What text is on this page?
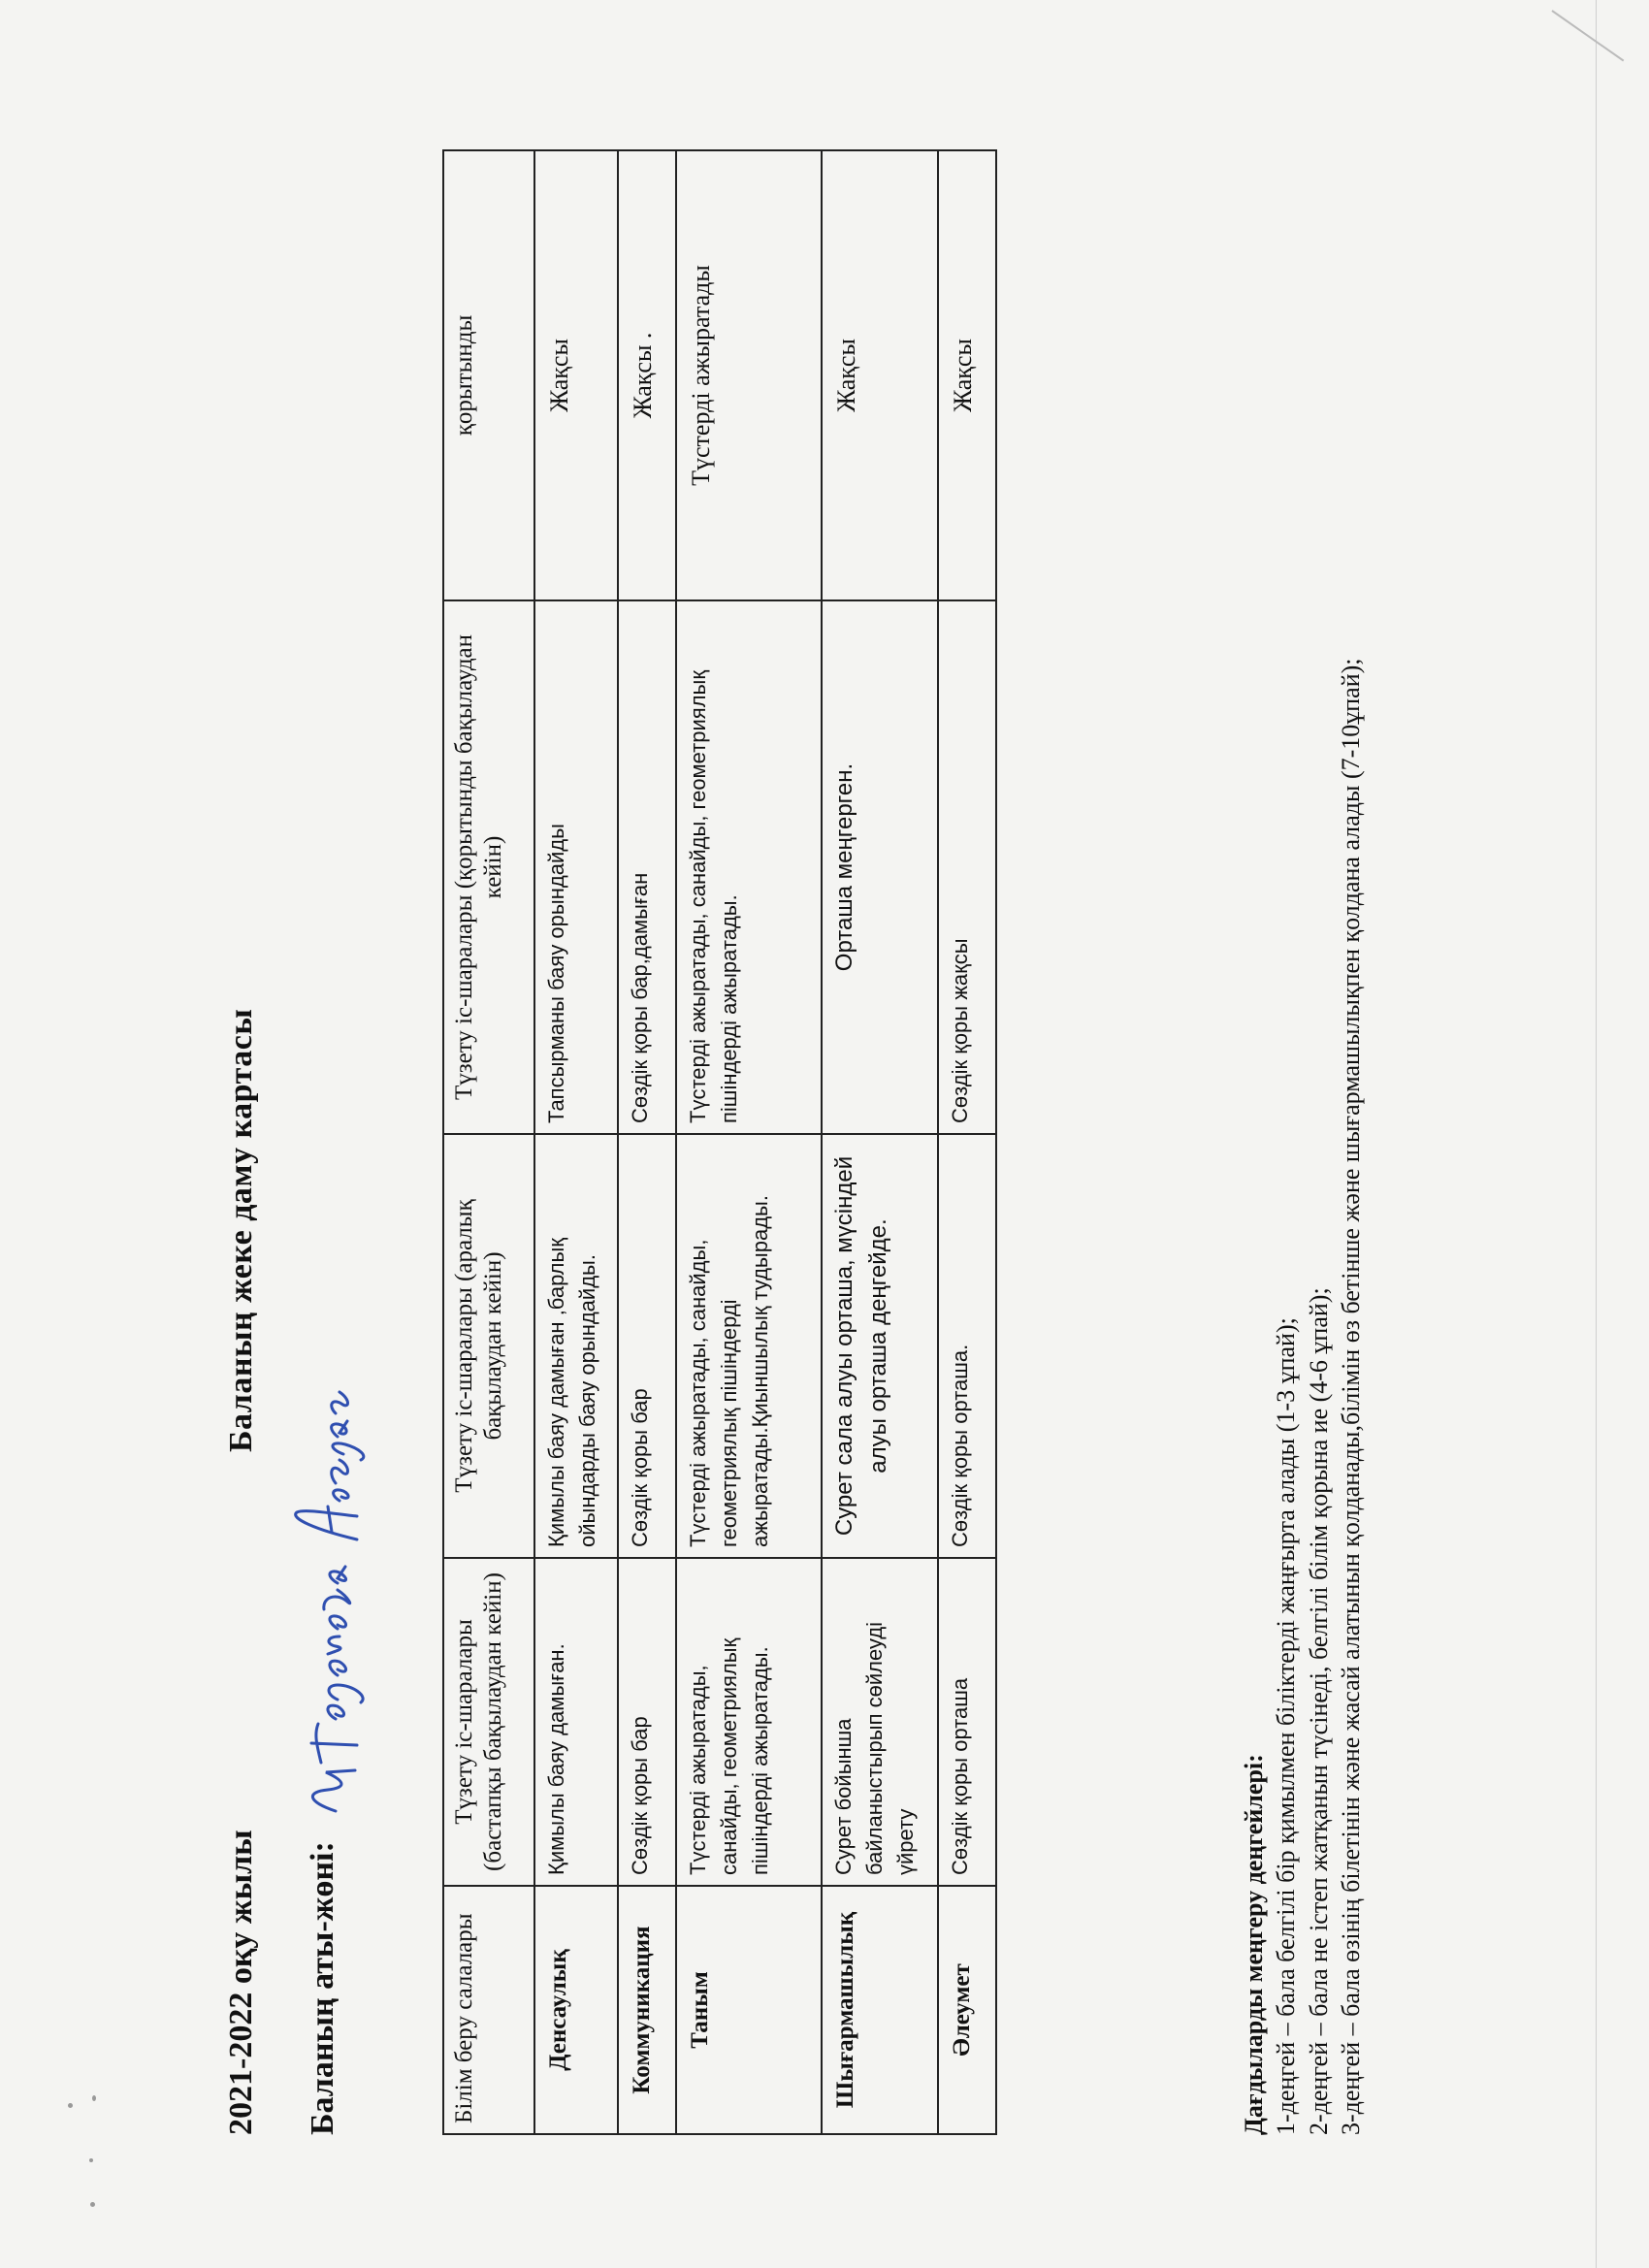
2021-2022 оқу жылы
Баланың жеке даму картасы
Баланың аты-жөні:	Білім беру салалары	Түзету іс-шаралары (бастапқы бақылаудан кейін)	Түзету іс-шаралары (аралық бақылаудан кейін)	Түзету іс-шаралары (қорытынды бақылаудан кейін)	қорытынды
Денсаулық	Қимылы баяу дамыған.	Қимылы баяу дамыған ,барлық ойындарды баяу орындайды.	Тапсырманы баяу орындайды	Жақсы
Коммуникация	Сөздік қоры бар	Сөздік қоры бар	Сөздік қоры бар,дамыған	Жақсы .
Таным	Түстерді ажыратады, санайды, геометриялық пішіндерді ажыратады.	Түстерді ажыратады, санайды, геометриялық пішіндерді ажыратады.Қиыншылық тудырады.	Түстерді ажыратады, санайды, геометриялық пішіндерді ажыратады.	Түстерді ажыратады
Шығармашылық	Сурет бойынша байланыстырып сөйлеуді үйрету	Сурет сала алуы орташа, мүсіндей алуы орташа деңгейде.	Орташа меңгерген.	Жақсы
Әлеумет	Сөздік қоры орташа	Сөздік қоры орташа.	Сөздік қоры жақсы	Жақсы
Дағдыларды меңгеру деңгейлері: 1-деңгей – бала белгілі бір қимылмен біліктерді жаңғырта алады (1-3 ұпай); 2-деңгей – бала не істеп жатқанын түсінеді, белгілі білім қорына ие (4-6 ұпай); 3-деңгей – бала өзінің білетінін және жасай алатынын қолданады,білімін өз бетінше және шығармашылықпен қолдана алады (7-10ұпай);
